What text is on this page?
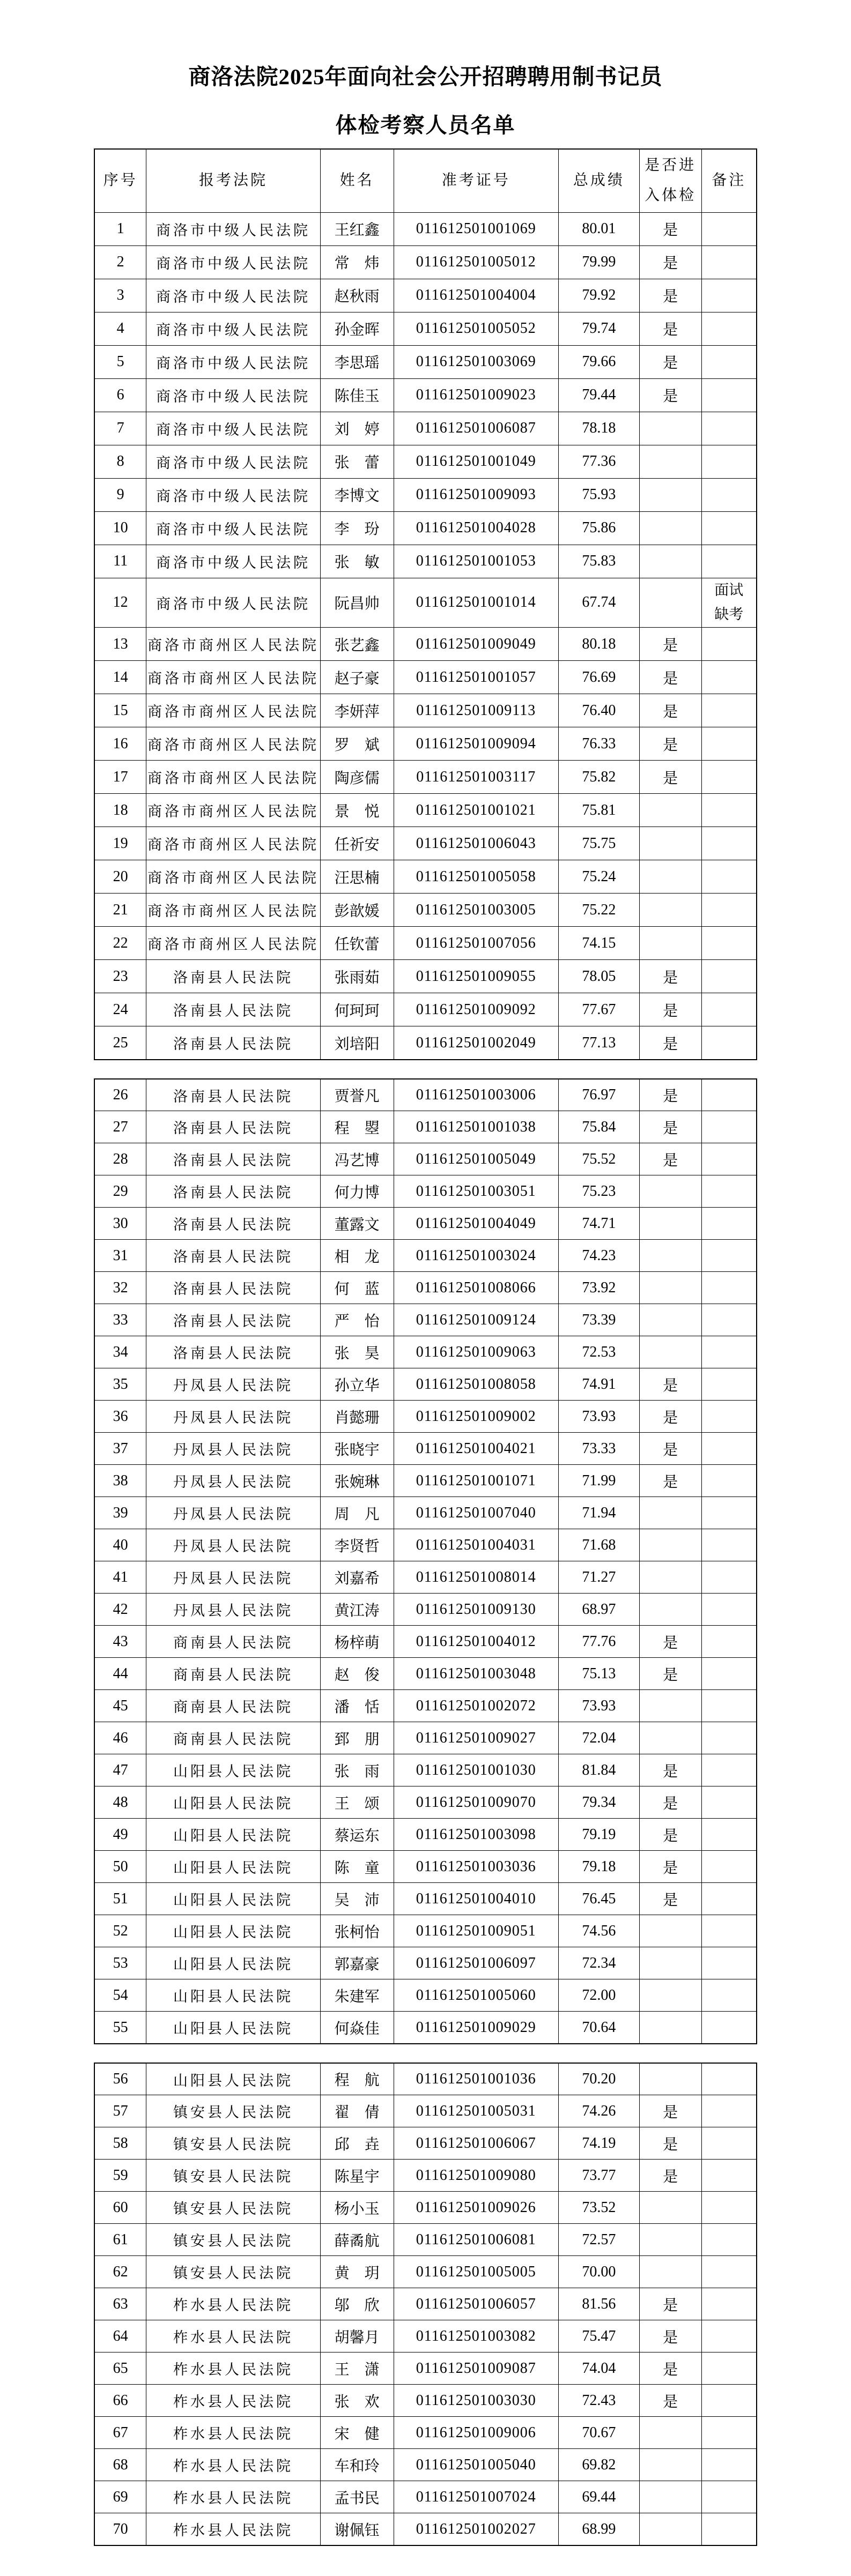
商洛法院2025年面向社会公开招聘聘用制书记员
体检考察人员名单
序号	报考法院	姓名	准考证号	总成绩	是否进入体检	备注
1	商洛市中级人民法院	王红鑫	011612501001069	80.01	是	
2	商洛市中级人民法院	常　炜	011612501005012	79.99	是	
3	商洛市中级人民法院	赵秋雨	011612501004004	79.92	是	
4	商洛市中级人民法院	孙金晖	011612501005052	79.74	是	
5	商洛市中级人民法院	李思瑶	011612501003069	79.66	是	
6	商洛市中级人民法院	陈佳玉	011612501009023	79.44	是	
7	商洛市中级人民法院	刘　婷	011612501006087	78.18		
8	商洛市中级人民法院	张　蕾	011612501001049	77.36		
9	商洛市中级人民法院	李博文	011612501009093	75.93		
10	商洛市中级人民法院	李　玢	011612501004028	75.86		
11	商洛市中级人民法院	张　敏	011612501001053	75.83		
12	商洛市中级人民法院	阮昌帅	011612501001014	67.74		面试缺考
13	商洛市商州区人民法院	张艺鑫	011612501009049	80.18	是	
14	商洛市商州区人民法院	赵子豪	011612501001057	76.69	是	
15	商洛市商州区人民法院	李妍萍	011612501009113	76.40	是	
16	商洛市商州区人民法院	罗　斌	011612501009094	76.33	是	
17	商洛市商州区人民法院	陶彦儒	011612501003117	75.82	是	
18	商洛市商州区人民法院	景　悦	011612501001021	75.81		
19	商洛市商州区人民法院	任祈安	011612501006043	75.75		
20	商洛市商州区人民法院	汪思楠	011612501005058	75.24		
21	商洛市商州区人民法院	彭歆媛	011612501003005	75.22		
22	商洛市商州区人民法院	任钦蕾	011612501007056	74.15		
23	洛南县人民法院	张雨茹	011612501009055	78.05	是	
24	洛南县人民法院	何珂珂	011612501009092	77.67	是	
25	洛南县人民法院	刘培阳	011612501002049	77.13	是	
26	洛南县人民法院	贾誉凡	011612501003006	76.97	是	
27	洛南县人民法院	程　曌	011612501001038	75.84	是	
28	洛南县人民法院	冯艺博	011612501005049	75.52	是	
29	洛南县人民法院	何力博	011612501003051	75.23		
30	洛南县人民法院	董露文	011612501004049	74.71		
31	洛南县人民法院	相　龙	011612501003024	74.23		
32	洛南县人民法院	何　蓝	011612501008066	73.92		
33	洛南县人民法院	严　怡	011612501009124	73.39		
34	洛南县人民法院	张　昊	011612501009063	72.53		
35	丹凤县人民法院	孙立华	011612501008058	74.91	是	
36	丹凤县人民法院	肖懿珊	011612501009002	73.93	是	
37	丹凤县人民法院	张晓宇	011612501004021	73.33	是	
38	丹凤县人民法院	张婉琳	011612501001071	71.99	是	
39	丹凤县人民法院	周　凡	011612501007040	71.94		
40	丹凤县人民法院	李贤哲	011612501004031	71.68		
41	丹凤县人民法院	刘嘉希	011612501008014	71.27		
42	丹凤县人民法院	黄江涛	011612501009130	68.97		
43	商南县人民法院	杨梓萌	011612501004012	77.76	是	
44	商南县人民法院	赵　俊	011612501003048	75.13	是	
45	商南县人民法院	潘　恬	011612501002072	73.93		
46	商南县人民法院	郅　朋	011612501009027	72.04		
47	山阳县人民法院	张　雨	011612501001030	81.84	是	
48	山阳县人民法院	王　颂	011612501009070	79.34	是	
49	山阳县人民法院	蔡运东	011612501003098	79.19	是	
50	山阳县人民法院	陈　童	011612501003036	79.18	是	
51	山阳县人民法院	吴　沛	011612501004010	76.45	是	
52	山阳县人民法院	张柯怡	011612501009051	74.56		
53	山阳县人民法院	郭嘉豪	011612501006097	72.34		
54	山阳县人民法院	朱建军	011612501005060	72.00		
55	山阳县人民法院	何焱佳	011612501009029	70.64		
56	山阳县人民法院	程　航	011612501001036	70.20		
57	镇安县人民法院	翟　倩	011612501005031	74.26	是	
58	镇安县人民法院	邱　垚	011612501006067	74.19	是	
59	镇安县人民法院	陈星宇	011612501009080	73.77	是	
60	镇安县人民法院	杨小玉	011612501009026	73.52		
61	镇安县人民法院	薛矞航	011612501006081	72.57		
62	镇安县人民法院	黄　玥	011612501005005	70.00		
63	柞水县人民法院	邬　欣	011612501006057	81.56	是	
64	柞水县人民法院	胡馨月	011612501003082	75.47	是	
65	柞水县人民法院	王　潇	011612501009087	74.04	是	
66	柞水县人民法院	张　欢	011612501003030	72.43	是	
67	柞水县人民法院	宋　健	011612501009006	70.67		
68	柞水县人民法院	车和玲	011612501005040	69.82		
69	柞水县人民法院	孟书民	011612501007024	69.44		
70	柞水县人民法院	谢佩钰	011612501002027	68.99		
